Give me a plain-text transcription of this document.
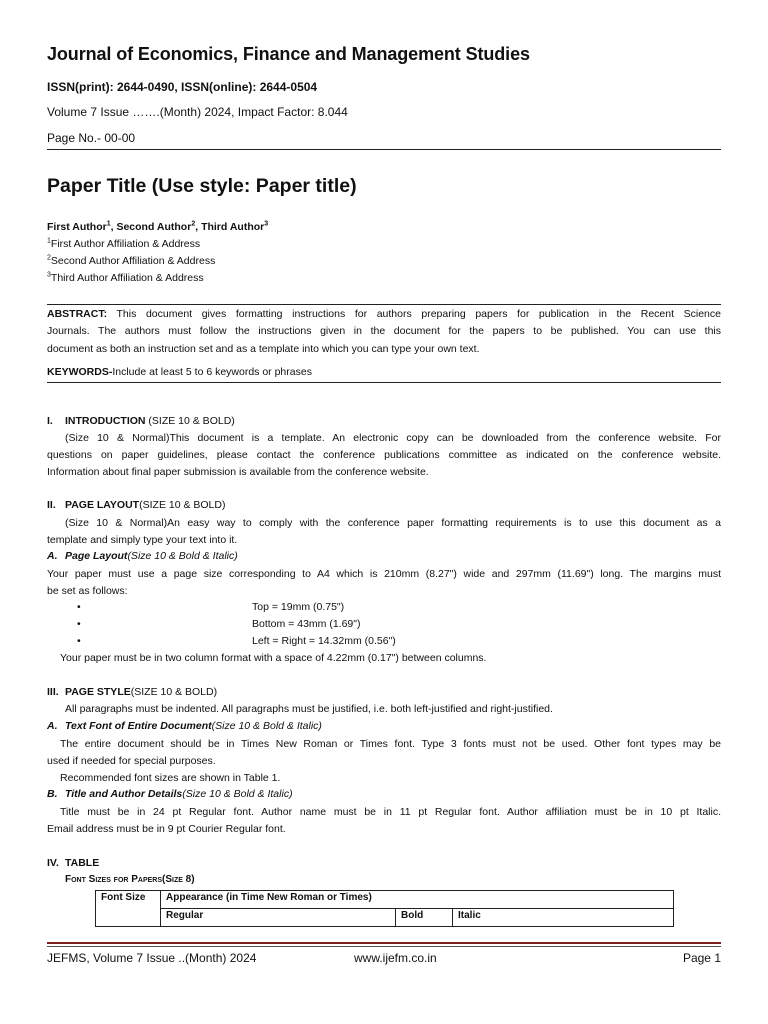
Journal of Economics, Finance and Management Studies
ISSN(print): 2644-0490, ISSN(online): 2644-0504
Volume 7 Issue …….(Month) 2024, Impact Factor: 8.044
Page No.- 00-00
Paper Title (Use style: Paper title)
First Author$^1$, Second Author$^2$, Third Author$^3$
$^1$First Author Affiliation & Address
$^2$Second Author Affiliation & Address
$^3$Third Author Affiliation & Address
ABSTRACT: This document gives formatting instructions for authors preparing papers for publication in the Recent Science
Journals. The authors must follow the instructions given in the document for the papers to be published. You can use this
document as both an instruction set and as a template into which you can type your own text.
KEYWORDS-Include at least 5 to 6 keywords or phrases
I. INTRODUCTION (SIZE 10 & BOLD)
(Size 10 & Normal)This document is a template. An electronic copy can be downloaded from the conference website. For
questions on paper guidelines, please contact the conference publications committee as indicated on the conference website.
Information about final paper submission is available from the conference website.
II. PAGE LAYOUT(SIZE 10 & BOLD)
(Size 10 & Normal)An easy way to comply with the conference paper formatting requirements is to use this document as a
template and simply type your text into it.
A. Page Layout(Size 10 & Bold & Italic)
Your paper must use a page size corresponding to A4 which is 210mm (8.27") wide and 297mm (11.69") long. The margins must
be set as follows:
•	Top = 19mm (0.75")
•	Bottom = 43mm (1.69")
•	Left = Right = 14.32mm (0.56")
Your paper must be in two column format with a space of 4.22mm (0.17") between columns.
III. PAGE STYLE(SIZE 10 & BOLD)
All paragraphs must be indented. All paragraphs must be justified, i.e. both left-justified and right-justified.
A. Text Font of Entire Document(Size 10 & Bold & Italic)
The entire document should be in Times New Roman or Times font. Type 3 fonts must not be used. Other font types may be
used if needed for special purposes.
Recommended font sizes are shown in Table 1.
B. Title and Author Details(Size 10 & Bold & Italic)
Title must be in 24 pt Regular font. Author name must be in 11 pt Regular font. Author affiliation must be in 10 pt Italic.
Email address must be in 9 pt Courier Regular font.
IV. TABLE
Font Sizes for Papers(Size 8)
Font Size	Appearance (in Time New Roman or Times)		
	Regular	Bold	Italic
JEFMS, Volume 7 Issue ..(Month) 2024	www.ijefm.co.in	Page 1
